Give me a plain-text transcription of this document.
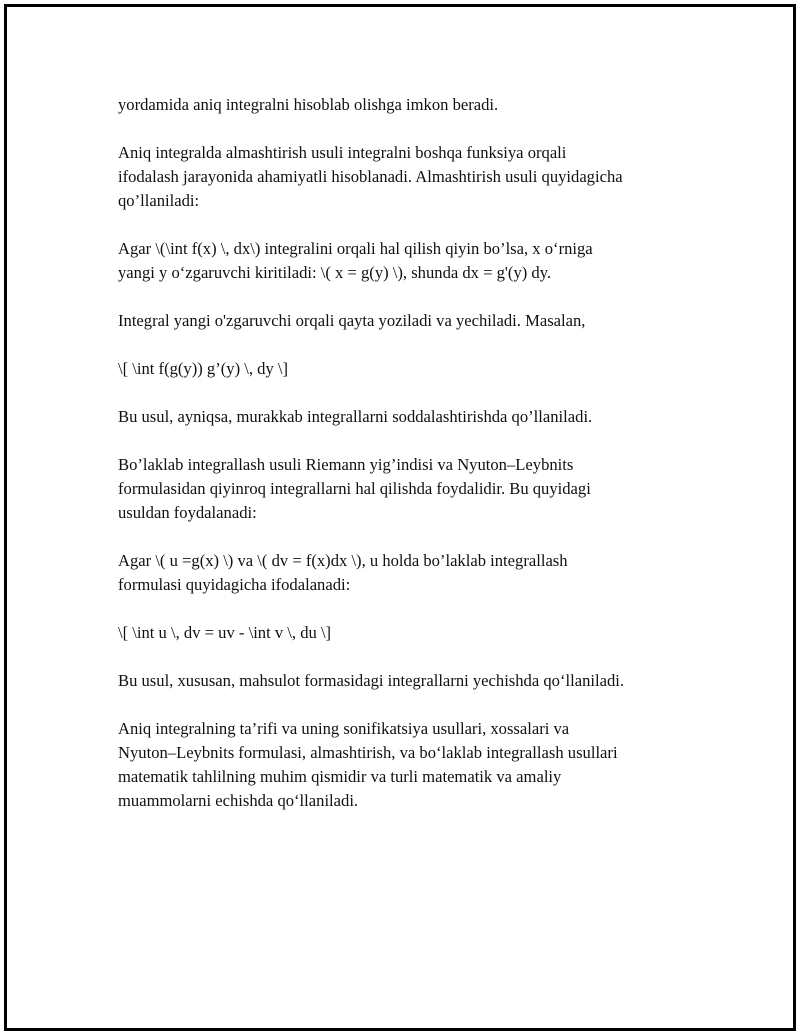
yordamida aniq integralni hisoblab olishga imkon beradi.

Aniq integralda almashtirish usuli integralni boshqa funksiya orqali
ifodalash jarayonida ahamiyatli hisoblanadi. Almashtirish usuli quyidagicha
qo’llaniladi:

Agar \(\int f(x) \, dx\) integralini orqali hal qilish qiyin bo’lsa, x o‘rniga
yangi y o‘zgaruvchi kiritiladi: \( x = g(y) \), shunda dx = g'(y) dy.

Integral yangi o'zgaruvchi orqali qayta yoziladi va yechiladi. Masalan,

\[ \int f(g(y)) g’(y) \, dy \]

Bu usul, ayniqsa, murakkab integrallarni soddalashtirishda qo’llaniladi.

Bo’laklab integrallash usuli Riemann yig’indisi va Nyuton–Leybnits
formulasidan qiyinroq integrallarni hal qilishda foydalidir. Bu quyidagi
usuldan foydalanadi:

Agar \( u =g(x) \) va \( dv = f(x)dx \), u holda bo’laklab integrallash
formulasi quyidagicha ifodalanadi:

\[ \int u \, dv = uv - \int v \, du \]

Bu usul, xususan, mahsulot formasidagi integrallarni yechishda qo‘llaniladi.

Aniq integralning ta’rifi va uning sonifikatsiya usullari, xossalari va
Nyuton–Leybnits formulasi, almashtirish, va bo‘laklab integrallash usullari
matematik tahlilning muhim qismidir va turli matematik va amaliy
muammolarni echishda qo‘llaniladi.
